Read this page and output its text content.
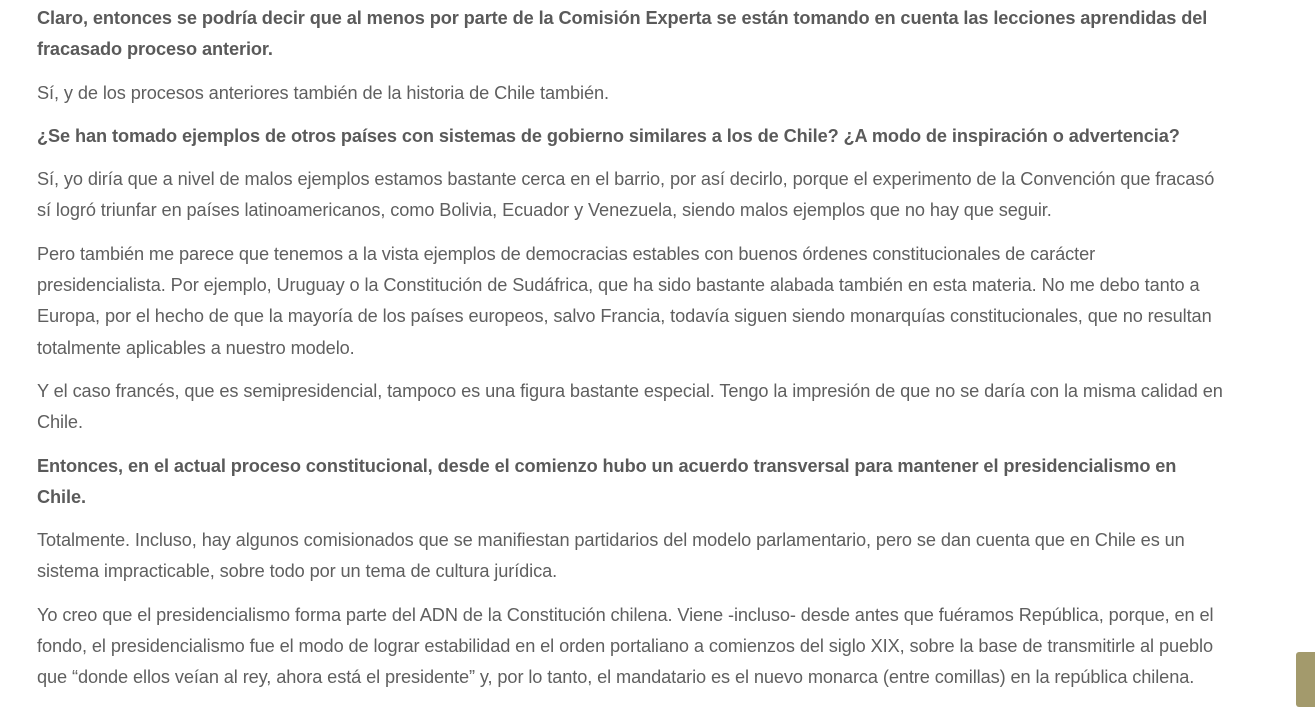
Claro, entonces se podría decir que al menos por parte de la Comisión Experta se están tomando en cuenta las lecciones aprendidas del fracasado proceso anterior.

Sí, y de los procesos anteriores también de la historia de Chile también.

¿Se han tomado ejemplos de otros países con sistemas de gobierno similares a los de Chile? ¿A modo de inspiración o advertencia?

Sí, yo diría que a nivel de malos ejemplos estamos bastante cerca en el barrio, por así decirlo, porque el experimento de la Convención que fracasó sí logró triunfar en países latinoamericanos, como Bolivia, Ecuador y Venezuela, siendo malos ejemplos que no hay que seguir.

Pero también me parece que tenemos a la vista ejemplos de democracias estables con buenos órdenes constitucionales de carácter presidencialista. Por ejemplo, Uruguay o la Constitución de Sudáfrica, que ha sido bastante alabada también en esta materia. No me debo tanto a Europa, por el hecho de que la mayoría de los países europeos, salvo Francia, todavía siguen siendo monarquías constitucionales, que no resultan totalmente aplicables a nuestro modelo.

Y el caso francés, que es semipresidencial, tampoco es una figura bastante especial. Tengo la impresión de que no se daría con la misma calidad en Chile.

Entonces, en el actual proceso constitucional, desde el comienzo hubo un acuerdo transversal para mantener el presidencialismo en Chile.

Totalmente. Incluso, hay algunos comisionados que se manifiestan partidarios del modelo parlamentario, pero se dan cuenta que en Chile es un sistema impracticable, sobre todo por un tema de cultura jurídica.

Yo creo que el presidencialismo forma parte del ADN de la Constitución chilena. Viene -incluso- desde antes que fuéramos República, porque, en el fondo, el presidencialismo fue el modo de lograr estabilidad en el orden portaliano a comienzos del siglo XIX, sobre la base de transmitirle al pueblo que “donde ellos veían al rey, ahora está el presidente” y, por lo tanto, el mandatario es el nuevo monarca (entre comillas) en la república chilena.
